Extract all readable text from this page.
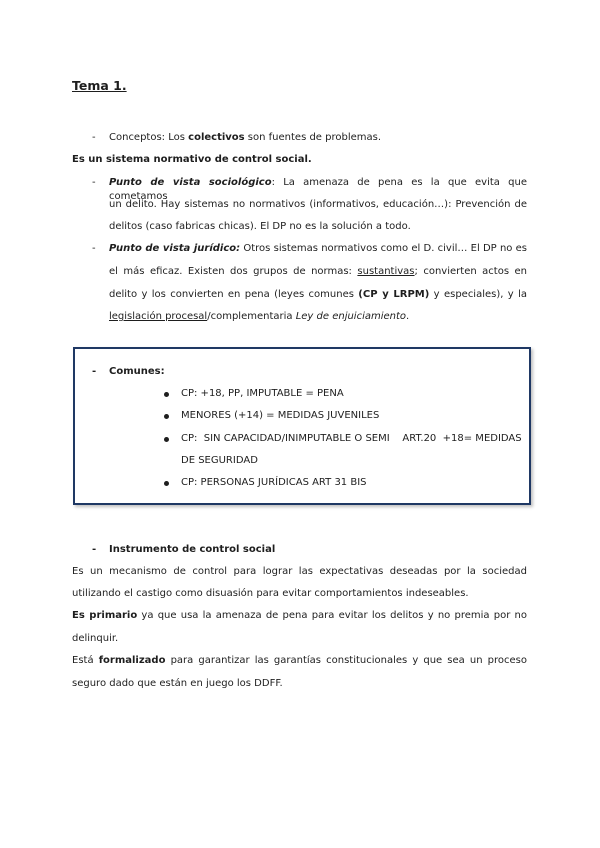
Tema 1.
- Conceptos: Los colectivos son fuentes de problemas.
Es un sistema normativo de control social.
- Punto de vista sociológico: La amenaza de pena es la que evita que cometamos
un delito. Hay sistemas no normativos (informativos, educación…): Prevención de
delitos (caso fabricas chicas). El DP no es la solución a todo.
- Punto de vista jurídico: Otros sistemas normativos como el D. civil… El DP no es
el más eficaz. Existen dos grupos de normas: sustantivas; convierten actos en
delito y los convierten en pena (leyes comunes (CP y LRPM) y especiales), y la
legislación procesal/complementaria Ley de enjuiciamiento.
- Comunes:
CP: +18, PP, IMPUTABLE = PENA
MENORES (+14) = MEDIDAS JUVENILES
CP:  SIN CAPACIDAD/INIMPUTABLE O SEMI    ART.20  +18= MEDIDAS
DE SEGURIDAD
CP: PERSONAS JURÍDICAS ART 31 BIS
- Instrumento de control social
Es un mecanismo de control para lograr las expectativas deseadas por la sociedad
utilizando el castigo como disuasión para evitar comportamientos indeseables.
Es primario ya que usa la amenaza de pena para evitar los delitos y no premia por no
delinquir.
Está formalizado para garantizar las garantías constitucionales y que sea un proceso
seguro dado que están en juego los DDFF.
